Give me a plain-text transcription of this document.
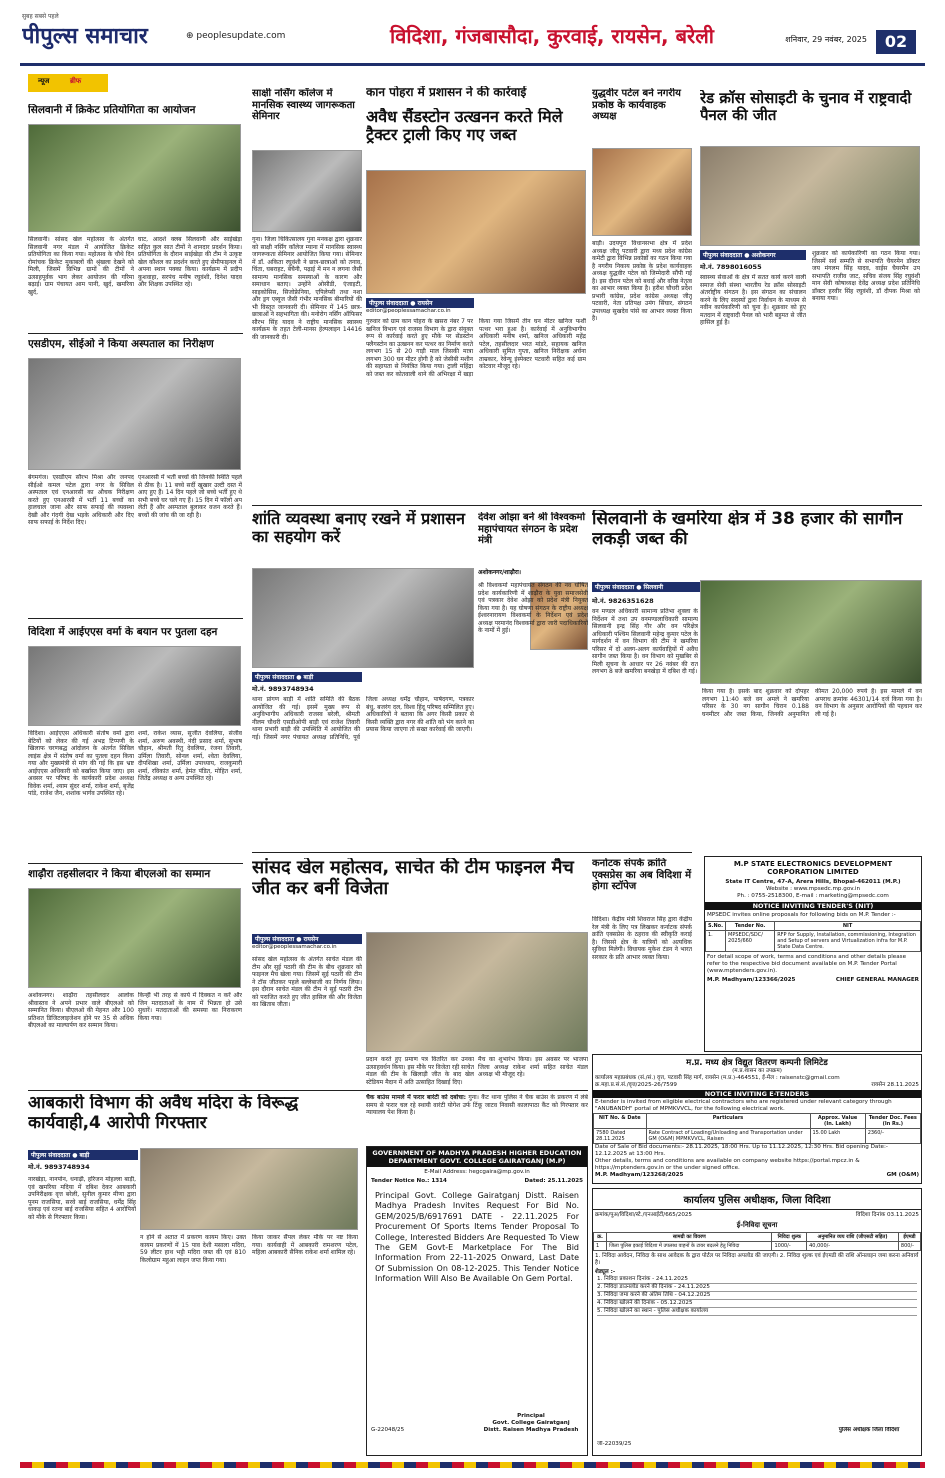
सुबह सबसे पहले
पीपुल्स समाचार	⊕ peoplesupdate.com	विदिशा, गंजबासौदा, कुरवाई, रायसेन, बरेली	शनिवार, 29 नवंबर, 2025	02
न्यूज	ब्रीफ
सिलवानी में क्रिकेट प्रतियोगिता का आयोजन
सिलवानी। सांसद खेल महोत्सव के अंतर्गत सिलवानी नगर मंडल में आयोजित क्रिकेट प्रतियोगिता का किया गया। महोत्सव के चौथे दिन रोमांचक क्रिकेट मुकाबलों की श्रृंखला देखने को मिली, जिसमें विभिन्न ग्रामों की टीमों ने उत्साहपूर्वक भाग लेकर आयोजन की गरिमा बढ़ाई। ग्राम पंचायत आम पानी, खुर्द, खमरिया खुर्द,
घाट, आदर्श क्लब सिलवानी और साईखेड़ा सहित कुल सात टीमों ने शानदार प्रदर्शन किया। प्रतियोगिता के दौरान साईखेड़ा की टीम ने उत्कृष्ट खेल कौशल का प्रदर्शन करते हुए सेमीफाइनल में अपना स्थान पक्का किया। कार्यक्रम में प्रदीप कुशवाहा, सरपंच मनीष रघुवंशी, दिनेश यादव और शिक्षक उपस्थित रहे।
एसडीएम, सीईओ ने किया अस्पताल का निरीक्षण
बेगमगंज। एसडीएम सौरभ मिश्रा और जनपद सीईओ कमल पटेल द्वारा नगर के सिविल अस्पताल एवं एनआरसी का औचक निरीक्षण करते हुए एनआरसी में भर्ती 11 बच्चों का हालचाल जाना और साफ सफाई की व्यवस्था देखी और गंदगी देख भड़के अधिकारी और दिए साफ सफाई के निर्देश दिए।
एनआरसी में भर्ती बच्चों की जिनकी स्थिति पहले से ठीक है। 11 बच्चे सर्दी खुखार उल्टी दस्त में आए हुए हैं। 14 दिन पहले जो बच्चे भर्ती हुए थे सभी बच्चे घर चले गए हैं। 15 दिन में फॉलो अप लेती हैं और अस्पताल बुलाकर वजन करते हैं। बच्चों की जांच की जा रही है।
विदिशा में आईएएस वर्मा के बयान पर पुतला दहन
साक्षी नर्सिंग कॉलेज में मानसिक स्वास्थ्य जागरूकता सेमिनार
गुना। जिला चिकित्सालय गुना मनकक्ष द्वारा शुक्रवार को साक्षी नर्सिंग कॉलेज म्याना में मानसिक स्वास्थ्य जागरूकता सेमिनार आयोजित किया गया। सेमिनार में डॉ. अकिता रघुवंशी ने छात्र-छात्राओं को तनाव, चिंता, घबराहट, बेचैनी, पढ़ाई में मन न लगना जैसी सामान्य मानसिक समस्याओं के कारण और समाधान बताए। उन्होंने ओसीडी, एंजाइटी, साइकोसिस, सिजोफ्रेनिया, एपिलेप्सी तथा नशा और ड्रग एब्यूज जैसी गंभीर मानसिक बीमारियों की भी विस्तृत जानकारी दी। सेमिनार में 145 छात्र-छात्राओं ने सहभागिता की। मनोरोग नर्सिंग ऑफिसर सौरभ सिंह यादव ने राष्ट्रीय मानसिक स्वास्थ्य कार्यक्रम के तहत टेली-मानस हेल्पलाइन 14416 की जानकारी दी।
कान पोहरा में प्रशासन ने की कार्रवाई
अवैध सैंडस्टोन उत्खनन करते मिले ट्रैक्टर ट्राली किए गए जब्त
पीपुल्स संवाददाता ● रायसेन
editor@peoplessamachar.co.in
गुरुवार को ग्राम कान पोहरा के खसरा नंबर 7 पर खनिज विभाग एवं राजस्व विभाग के द्वारा संयुक्त रूप से कार्रवाई करते हुए मौके पर सेंडस्टोन फ्लैगस्टोन का उत्खनन कर पत्थर का निर्माण करते लगभग 15 से 20 गाड़ी माल जिसकी मात्रा लगभग 300 घन मीटर होगी है को जेसीबी मशीन की सहायता से नियंत्रित किया गया। ट्राली महिंद्रा को जब्त कर कोतवाली थाने की अभिरक्षा में खड़ा किया गया जिसमें तीन घन मीटर खनिज फर्शी पत्थर भरा हुआ है। कार्रवाई में अनुविभागीय अधिकारी मनीष शर्मा, खनिज अधिकारी महेंद्र पटेल, तहसीलदार भरत मांडरे, सहायक खनिज अधिकारी सुमित गुप्ता, खनिज निरीक्षक अर्चना ताम्रकार, रेवेन्यू इंस्पेक्टर पटवारी सहित कई ग्राम कोटवार मौजूद रहे।
युद्धवीर पटेल बने नगरीय प्रकोष्ठ के कार्यवाहक अध्यक्ष
बाड़ी। उदयपुरा विधानसभा क्षेत्र में प्रदेश अध्यक्ष जीतू पटवारी द्वारा मध्य प्रदेश कांग्रेस कमेटी द्वारा विभिन्न प्रकोष्ठों का गठन किया गया है नगरीय निकाय प्रकोष्ठ के प्रदेश कार्यवाहक अध्यक्ष युद्धवीर पटेल को जिम्मेदारी सौंपी गई है। इस दौरान पटेल को बधाई और वरिष्ठ नेतृत्व का आभार व्यक्त किया है। हरीश चौधरी प्रदेश प्रभारी कांग्रेस, प्रदेश कांग्रेस अध्यक्ष जीतू पटवारी, नेता प्रतिपक्ष उमंग सिंघार, संगठन उपाध्यक्ष सुखदेव पांसे का आभार व्यक्त किया है।
रेड क्रॉस सोसाइटी के चुनाव में राष्ट्रवादी पैनल की जीत
पीपुल्स संवाददाता ● अशोकनगर
मो.नं. 7898016055
स्वास्थ्य सेवाओं के क्षेत्र में सतत कार्य करने वाली समाज सेवी संस्था भारतीय रेड क्रॉस सोसाइटी अंतर्राष्ट्रीय संगठन है। इस संगठन का संचालन करने के लिए सदस्यों द्वारा निर्वाचन के माध्यम से नवीन कार्यकारिणी को चुना है। शुक्रवार को हुए मतदान में राष्ट्रवादी पैनल को भारी बहुमत से जीत हासिल हुई है।
शुक्रवार को कार्यकारिणी का गठन किया गया। जिसमें सर्व सम्मति से सभापति चैयरमेन डॉक्टर जय मंगलम सिंह यादव, वाईस चैयरमैन उप सभापति राजीव जाट, सचिव संजय सिंह रघुवंशी मान सेवी कोषाध्यक्ष देवेंद्र अध्यक्ष प्रदेश प्रतिनिधि डॉक्टर हरवीर सिंह रघुवंशी, डॉ दीपक मिश्रा को बनाया गया।
शांति व्यवस्था बनाए रखने में प्रशासन का सहयोग करें
पीपुल्स संवाददाता ● बाड़ी
मो.नं. 9893748934
थाना प्रांगण बाड़ी में शांति समिति की बैठक आयोजित की गई। इसमें मुख्य रूप से अनुविभागीय अधिकारी राजस्व बरेली, श्रीमती नीलम चौधरी एसडीओपी बाड़ी एवं राजेश तिवारी थाना प्रभारी बाड़ी की उपस्थिति में आयोजित की गई। जिसमें नगर पंचायत अध्यक्ष प्रतिनिधि, पूर्व जिला अध्यक्ष धर्मेंद्र चौहान, पार्षदगण, पत्रकार बंधु, बजरंग दल, विश्व हिंदू परिषद सम्मिलित हुए। अधिकारियों ने बताया कि अगर किसी प्रकार से किसी व्यक्ति द्वारा नगर की शांति को भंग करने का प्रयास किया जाएगा तो सख्त कार्रवाई की जाएगी।
देवेश ओझा बने श्री विश्वकर्मा महापंचायत संगठन के प्रदेश मंत्री
अशोकनगर/शाढ़ौरा।
श्री विश्वकर्मा महापंचायत संगठन की नव घोषित प्रदेश कार्यकारिणी में शाढ़ौरा के युवा समाजसेवी एवं पत्रकार देवेश ओझा को प्रदेश मंत्री नियुक्त किया गया है। यह घोषणा संगठन के राष्ट्रीय अध्यक्ष ईश्वरनारायण विश्वकर्मा के निर्देशन एवं प्रदेश अध्यक्ष परमानंद विश्वकर्मा द्वारा जारी पदाधिकारियों के नामों में हुई।
सिलवानी के खमरिया क्षेत्र में 38 हजार की सागौन लकड़ी जब्त की
पीपुल्स संवाददाता ● सिलवानी
मो.नं. 9826351628
वन मण्डल अधिकारी सामान्य प्रतिभा शुक्ला के निर्देशन में तथा उप वनमण्डलाधिकारी सामान्य सिलवानी इन्द्र सिंह गौर और वन परिक्षेत्र अधिकारी पश्चिम सिलवानी महेन्द्र कुमार पटेल के मार्गदर्शन में वन विभाग की टीम ने खमरिया परिसर में दो अलग-अलग कार्यवाहियों में अवैध सागौन जब्त किया है। वन विभाग को मुखबिर से मिली सूचना के आधार पर 26 नवंबर की रात लगभग 8 बजे खमरिया बनखेड़ा में दबिश दी गई।
किया गया है। इसके बाद शुक्रवार को दोपहर लगभग 11:40 बजे वन अमले ने खमरिया परिसर के 30 नग सागौन चिरान 0.188 घनमीटर और जब्त किया, जिनकी अनुमानित कीमत 20,000 रुपये है। इस मामले में वन अपराध क्रमांक 46301/14 दर्ज किया गया है। वन विभाग के अनुसार आरोपियों की पहचान कर ली गई है।
विदिशा। आईएएस अधिकारी संतोष वर्मा द्वारा बेटियों को लेकर की गई अभद्र टिप्पणी के खिलाफ चरणबद्ध आंदोलन के अंतर्गत सिविल लाइंस क्षेत्र में संतोष वर्मा का पुतला दहन किया गया और मुख्यमंत्री से मांग की गई कि इस भ्रष्ट आईएएस अधिकारी को बर्खास्त किया जाए। इस अवसर पर परिषद के कार्यकारी प्रदेश अध्यक्ष विवेक शर्मा, श्याम सुंदर शर्मा, राकेश शर्मा, बृजेंद्र पांडे, राजेश जैन, शशांक भार्गव उपस्थित रहे।
शर्मा, राकेश व्यास, सुजीत देवलिया, संजीव शर्मा, अरुण अवस्थी, नंदी प्रसाद शर्मा, सुभाष चौहान, श्रीमती रितु देवलिया, रंजना तिवारी, उर्मिला तिवारी, सोनल शर्मा, श्वेता देवलिया, दीपशिखा शर्मा, उर्मिला उपाध्याय, राजकुमारी शर्मा, रविकांत शर्मा, हेमंत पंडित, मोहित शर्मा, जितेंद्र अध्यक्ष व अन्य उपस्थित रहे।
शाढ़ौरा तहसीलदार ने किया बीएलओ का सम्मान
अशोकनगर। शाढ़ौरा तहसीलदार आलोक श्रीवास्तव ने अपने प्रभार वाले बीएलओ को सम्मानित किया। बीएलओ की मेहनत और 100 प्रतिशत डिजिटलाइजेशन होने पर 35 से अधिक बीएलओ का माल्यार्पण कर सम्मान किया।
किन्हीं भी तरह से कार्य में दिक्कत न करें और जिन मतदाताओं के नाम में भिन्नता हो उसे सुधारें। मतदाताओं की समस्या का निराकरण किया गया।
सांसद खेल महोत्सव, साचेत की टीम फाइनल मैच जीत कर बनीं विजेता
पीपुल्स संवाददाता ● रायसेन
editor@peoplessamachar.co.in
सांसद खेल महोत्सव के अंतर्गत साचेत मंडल की टीम और सुई पठारी की टीम के बीच शुक्रवार को फाइनल मैच खेला गया। जिसमें सुई पठारी की टीम ने टॉस जीतकर पहले बल्लेबाजी का निर्णय लिया। इस दौरान साचेत मंडल की टीम ने सुई पठारी टीम को पराजित करते हुए जीत हासिल की और विजेता का खिताब जीता।
प्रदान करते हुए प्रमाण पत्र वितरित कर उनका उत्साहवर्धन किया। इस मौके पर विजेता रही साचेत मंडल की टीम के खिलाड़ी जीत के बाद खेल स्टेडियम मैदान में अति उत्साहित दिखाई दिए।
मैच का शुभारंभ किया। इस अवसर पर भाजपा जिला अध्यक्ष राकेश शर्मा सहित साचेत मंडल अध्यक्ष भी मौजूद रहे।
कर्नाटक संपर्क क्रांति एक्सप्रेस का अब विदिशा में होगा स्टॉपेज
विदिशा। केंद्रीय मंत्री शिवराज सिंह द्वारा केंद्रीय रेल मंत्री के लिए पत्र लिखकर कर्नाटक संपर्क क्रांति एक्सप्रेस के ठहराव की स्वीकृति कराई है। जिससे क्षेत्र के यात्रियों को अत्यधिक सुविधा मिलेगी। विधायक मुकेश टंडन ने भारत सरकार के प्रति आभार व्यक्त किया।
M.P STATE ELECTRONICS DEVELOPMENT CORPORATION LIMITED
State IT Centre, 47-A, Arera Hills, Bhopal-462011 (M.P.)
Website : www.mpsedc.mp.gov.in
Ph. : 0755-2518300, E-mail : marketing@mpsedc.com
NOTICE INVITING TENDER'S (NIT)
MPSEDC invites online proposals for following bids on M.P. Tender :-
S.No.	Tender No.	NIT
1.	MPSEDC/SDC/ 2025/660	RFP for Supply, Installation, commissioning, Integration and Setup of servers and Virtualization infra for M.P. State Data Centre.
For detail scope of work, terms and conditions and other details please refer to the respective bid document available on M.P. Tender Portal (www.mptenders.gov.in).
M.P. Madhyam/123366/2025	CHIEF GENERAL MANAGER
म.प्र. मध्य क्षेत्र विद्युत वितरण कम्पनी लिमिटेड
(म.प्र.शासन का उपक्रम)
कार्यालय महाप्रबंधक (सं./सं.) वृत्त, पटवारी सिंह मार्ग, रायसेन (म.प्र.)-464551, ई-मेल : raisenstc@gmail.com
क्र.महा.प्र.सं.सं./वृत्त/2025-26/7599	रायसेन 28.11.2025
NOTICE INVITING E-TENDERS
E-tender is invited from eligible electrical contractors who are registered under relevant category through "ANUBANDH" portal of MPMKVVCL, for the following electrical work.
NIT No. & Date	Particulars	Approx. Value (In. Lakh)	Tender Doc. Fees (In Rs.)
7580 Dated 28.11.2025	Rate Contract of Loading/Unloading and Transportation under GM (O&M) MPMKVVCL, Raisen	15.00 Lakh	2360/-
Date of Sale of Bid documents:- 28.11.2025, 18:00 Hrs. Up to 11.12.2025, 12:30 Hrs. Bid opening Date:- 12.12.2025 at 13:00 Hrs.
Other details, terms and conditions are available on company website https://portal.mpcz.in & https://mptenders.gov.in or the under signed office.
M.P. Madhyam/123268/2025	GM (O&M)
आबकारी विभाग की अवैध मदिरा के विरूद्ध कार्यवाही,4 आरोपी गिरफ्तार
पीपुल्स संवाददाता ● बाड़ी
मो.नं. 9893748934
नारखेड़ा, नानपोन, धनाढ़ी, हरिजन मोहल्ला बाड़ी, एवं खमरिया मदिया में दबिश देकर आबकारी उपनिरीक्षक वृत्त बरेली, सुनील कुमार मीणा द्वारा पूनम राजसिया, सरवे बाई राजसिया, धर्मेंद्र सिंह धाकड़ एवं रतना बाई राजसिया सहित 4 आरोपियों को मौके से गिरफ्तार किया।
न होने से अतात में प्रकरण कायम किए। उक्त कायम प्रकरणों में 15 पाव देशी मसाला मदिरा, 59 लीटर हाथ भट्टी मदिरा जब्त की एवं 810 किलोग्राम महुआ लाहन जप्त किया गया।
किया जाकर सैंपल लेकर मौके पर नष्ट किया गया। कार्यवाही में आबकारी रामशरण पटेल, महिला आबकारी सैनिक राकेश शर्मा शामिल रहे।
चैक बाउंस मामले में फरार बारंटी को दबोचा: गुना। कैंट थाना पुलिस ने चैक बाउंस के प्रकरण में लंबे समय से फरार चल रहे स्थायी वारंटी योगेश उर्फ टिंकू जाटव निवासी कालापाठा कैंट को गिरफ्तार कर न्यायालय पेश किया है।
GOVERNMENT OF MADHYA PRADESH HIGHER EDUCATION DEPARTMENT GOVT. COLLEGE GAIRATGANJ (M.P)
E-Mail Address: hegcgaira@mp.gov.in
Tender Notice No.: 1314	Dated: 25.11.2025
Principal Govt. College Gairatganj Distt. Raisen Madhya Pradesh Invites Request For Bid No. GEM/2025/B/6917691 DATE - 22.11.2025 For Procurement Of Sports Items Tender Proposal To College, Interested Bidders Are Requested To View The GEM Govt-E Marketplace For The Bid Information From 22-11-2025 Onward, Last Date Of Submission On 08-12-2025. This Tender Notice Information Will Also Be Available On Gem Portal.
G-22048/25
Principal
Govt. College Gairatganj
Distt. Raisen Madhya Pradesh
कार्यालय पुलिस अधीक्षक, जिला विदिशा
क्रमांक/पुअ/विदिशा/स्टे./एनआईटी/665/2025	विदिशा दिनांक 03.11.2025
ई-निविदा सूचना
क्र.	सामग्री का विवरण	निविदा शुल्क	अनुमानित व्यय राशि (जीएसटी सहित)	ईएमडी
1	जिला पुलिस इकाई विदिशा में उपलब्ध वाहनों के टायर बदलने हेतु निविदा	1000/-	40,000/-	800/-
1. निविदा आवेदन, निविदा के साथ आवेदक के द्वारा पोर्टल पर निविदा अपलोड की जाएगी। 2. निविदा शुल्क एवं ईएमडी की राशि ऑनलाइन जमा करना अनिवार्य है।
शेड्यूल :-
1. निविदा प्रकाशन दिनांक - 24.11.2025
2. निविदा डाउनलोड करने की दिनांक - 24.11.2025
3. निविदा जमा करने की अंतिम तिथि - 04.12.2025
4. निविदा खोलने की दिनांक - 05.12.2025
5. निविदा खोलने का स्थान - पुलिस अधीक्षक कार्यालय
जी-22039/25
पुलिस अधीक्षक जिला विदिशा
